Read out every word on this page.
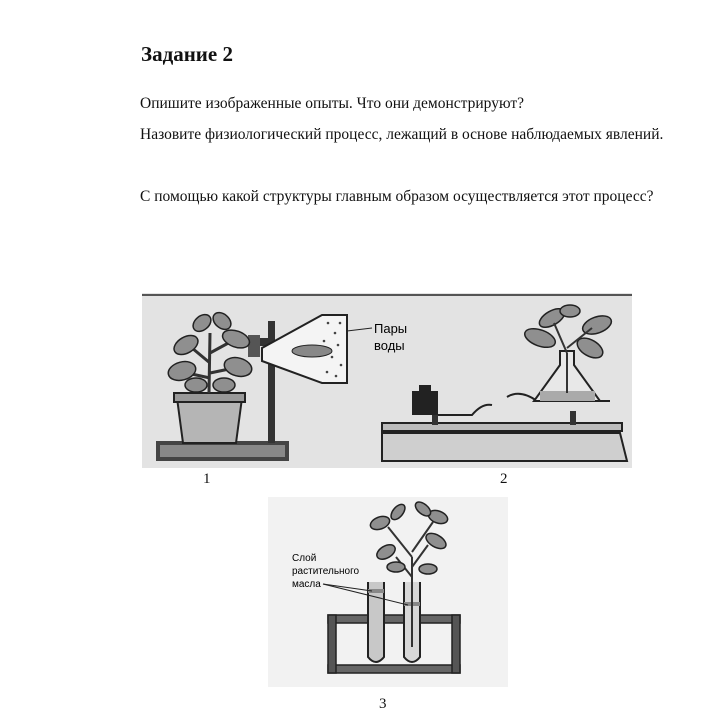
Задание 2
Опишите изображенные опыты. Что они демонстрируют?
Назовите физиологический процесс, лежащий в основе наблюдаемых явлений.
С помощью какой структуры главным образом осуществляется этот процесс?
Пары
воды
1	2
Слой
растительного
масла
3
